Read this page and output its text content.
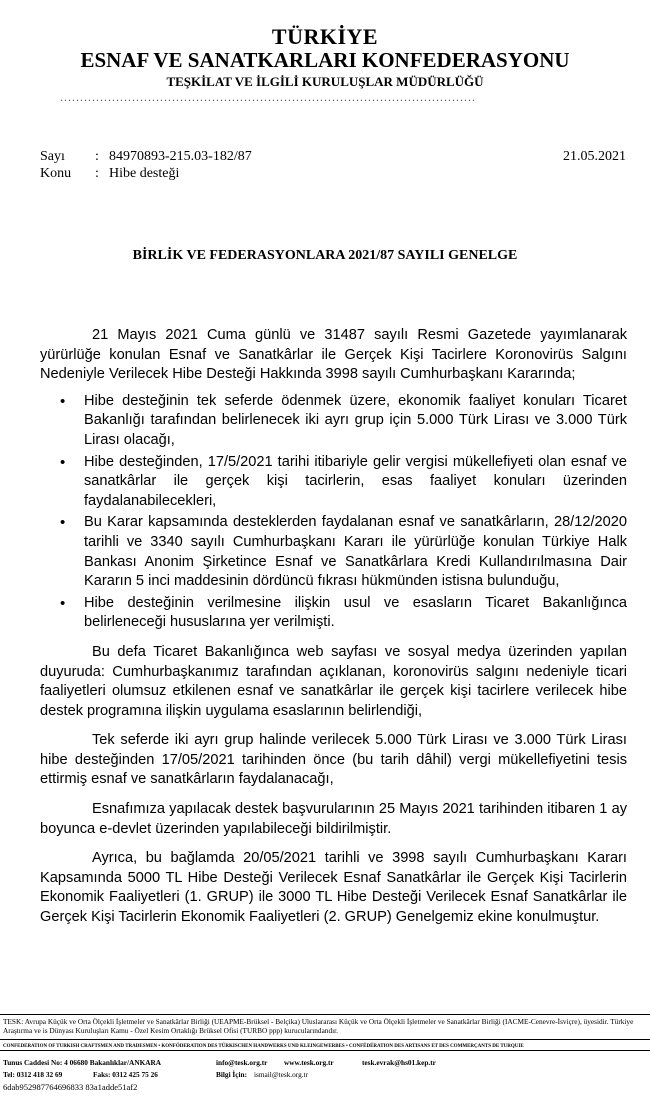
TÜRKİYE
ESNAF VE SANATKARLARI KONFEDERASYONU
TEŞKİLAT VE İLGİLİ KURULUŞLAR MÜDÜRLÜĞÜ
........................................................................................................
Sayı : 84970893-215.03-182/87
Konu : Hibe desteği
21.05.2021
BİRLİK VE FEDERASYONLARA 2021/87 SAYILI GENELGE

21 Mayıs 2021 Cuma günlü ve 31487 sayılı Resmi Gazetede yayımlanarak yürürlüğe konulan Esnaf ve Sanatkârlar ile Gerçek Kişi Tacirlere Koronovirüs Salgını Nedeniyle Verilecek Hibe Desteği Hakkında 3998 sayılı Cumhurbaşkanı Kararında;

• Hibe desteğinin tek seferde ödenmek üzere, ekonomik faaliyet konuları Ticaret Bakanlığı tarafından belirlenecek iki ayrı grup için 5.000 Türk Lirası ve 3.000 Türk Lirası olacağı,
• Hibe desteğinden, 17/5/2021 tarihi itibariyle gelir vergisi mükellefiyeti olan esnaf ve sanatkârlar ile gerçek kişi tacirlerin, esas faaliyet konuları üzerinden faydalanabilecekleri,
• Bu Karar kapsamında desteklerden faydalanan esnaf ve sanatkârların, 28/12/2020 tarihli ve 3340 sayılı Cumhurbaşkanı Kararı ile yürürlüğe konulan Türkiye Halk Bankası Anonim Şirketince Esnaf ve Sanatkârlara Kredi Kullandırılmasına Dair Kararın 5 inci maddesinin dördüncü fıkrası hükmünden istisna bulunduğu,
• Hibe desteğinin verilmesine ilişkin usul ve esasların Ticaret Bakanlığınca belirleneceği hususlarına yer verilmişti.

Bu defa Ticaret Bakanlığınca web sayfası ve sosyal medya üzerinden yapılan duyuruda: Cumhurbaşkanımız tarafından açıklanan, koronovirüs salgını nedeniyle ticari faaliyetleri olumsuz etkilenen esnaf ve sanatkârlar ile gerçek kişi tacirlere verilecek hibe destek programına ilişkin uygulama esaslarının belirlendiği,

Tek seferde iki ayrı grup halinde verilecek 5.000 Türk Lirası ve 3.000 Türk Lirası hibe desteğinden 17/05/2021 tarihinden önce (bu tarih dâhil) vergi mükellefiyetini tesis ettirmiş esnaf ve sanatkârların faydalanacağı,

Esnafımıza yapılacak destek başvurularının 25 Mayıs 2021 tarihinden itibaren 1 ay boyunca e-devlet üzerinden yapılabileceği bildirilmiştir.

Ayrıca, bu bağlamda 20/05/2021 tarihli ve 3998 sayılı Cumhurbaşkanı Kararı Kapsamında 5000 TL Hibe Desteği Verilecek Esnaf Sanatkârlar ile Gerçek Kişi Tacirlerin Ekonomik Faaliyetleri (1. GRUP) ile 3000 TL Hibe Desteği Verilecek Esnaf Sanatkârlar ile Gerçek Kişi Tacirlerin Ekonomik Faaliyetleri (2. GRUP) Genelgemiz ekine konulmuştur.

TESK: Avrupa Küçük ve Orta Ölçekli İşletmeler ve Sanatkârlar Birliği (UEAPME-Brüksel - Belçika) Uluslararası Küçük ve Orta Ölçekli İşletmeler ve Sanatkârlar Birliği (IACME-Cenevre-İsviçre), üyesidir. Türkiye Araştırma ve is Dünyası Kuruluşları Kamu - Özel Kesim Ortaklığı Brüksel Ofisi (TURBO ppp) kurucularındandır.
CONFEDERATION OF TURKISH CRAFTSMEN AND TRADESMEN • KONFÖDERATION DES TÜRKISCHEN HANDWERKS UND KLEINGEWERBES • CONFÉDÉRATION DES ARTISANS ET DES COMMERÇANTS DE TURQUIE
Tunus Caddesi No: 4 06680 Bakanlıklar/ANKARA	info@tesk.org.tr www.tesk.org.tr	tesk.evrak@hs01.kep.tr
Tel: 0312 418 32 69	Faks: 0312 425 75 26	Bilgi İçin: ismail@tesk.org.tr
6dab952987764696833 83a1adde51af2
